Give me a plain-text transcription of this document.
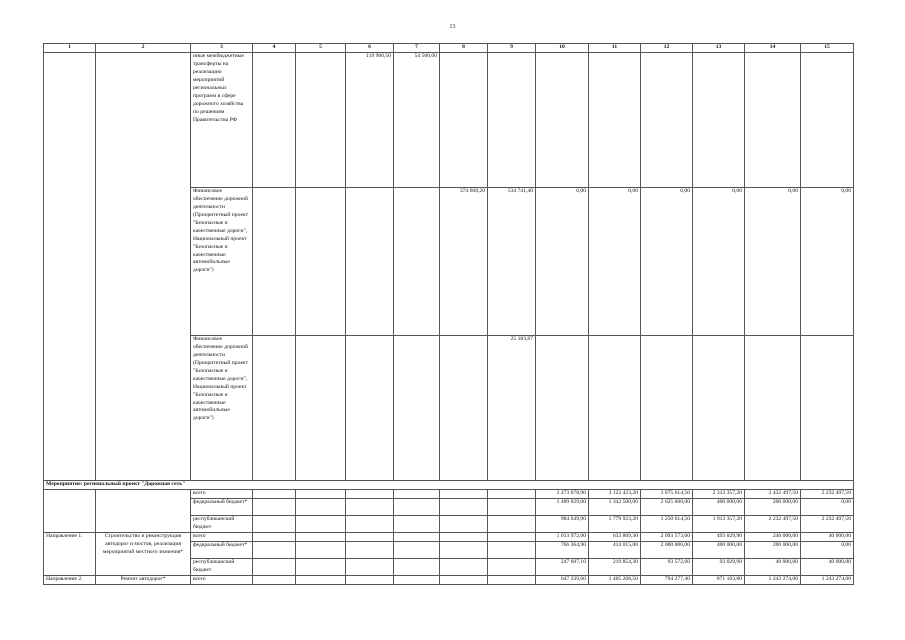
13
1	2	3	4	5	6	7	8	9	10	11	12	13	14	15
		иные межбюджетные трансферты на реализацию мероприятий региональных программ в сфере дорожного хозяйства по решениям Правительства РФ			119 906,50	54 500,00								
		Финансовое обеспечение дорожной деятельности (Приоритетный проект "Безопасные и качественные дороги", Национальный проект "Безопасные и качественные автомобильные дороги")					374 668,20	534 741,40	0,00	0,00	0,00	0,00	0,00	0,00
		Финансовое обеспечение дорожной деятельности (Приоритетный проект "Безопасные и качественные дороги", Национальный проект "Безопасные и качественные автомобильные дороги")						25 183,87						
Мероприятие: региональный проект "Дорожная сеть"														
		всего							2 473 678,90	3 122 423,20	3 875 614,50	2 313 357,20	2 432 497,50	2 232 497,50
		федеральный бюджет*							1 489 029,00	1 342 500,00	2 625 000,00	400 000,00	200 000,00	0,00
		республиканский бюджет							984 649,90	1 779 923,20	1 250 614,50	1 913 357,20	2 232 497,50	2 232 497,50
Направление 1.	Строительство и реконструкция автодорог и мостов, реализация мероприятий местного значения*	всего							1 013 972,00	633 869,30	2 093 573,60	493 029,90	240 000,00	40 000,00
		федеральный бюджет*							766 364,90	414 015,00	2 000 000,00	400 000,00	200 000,00	0,00
		республиканский бюджет							247 607,10	219 854,30	93 572,60	93 029,90	40 000,00	40 000,00
Направление 2.	Ремонт автодорог*	всего							647 339,60	1 465 208,50	794 277,40	871 103,80	1 243 274,00	1 243 274,00
